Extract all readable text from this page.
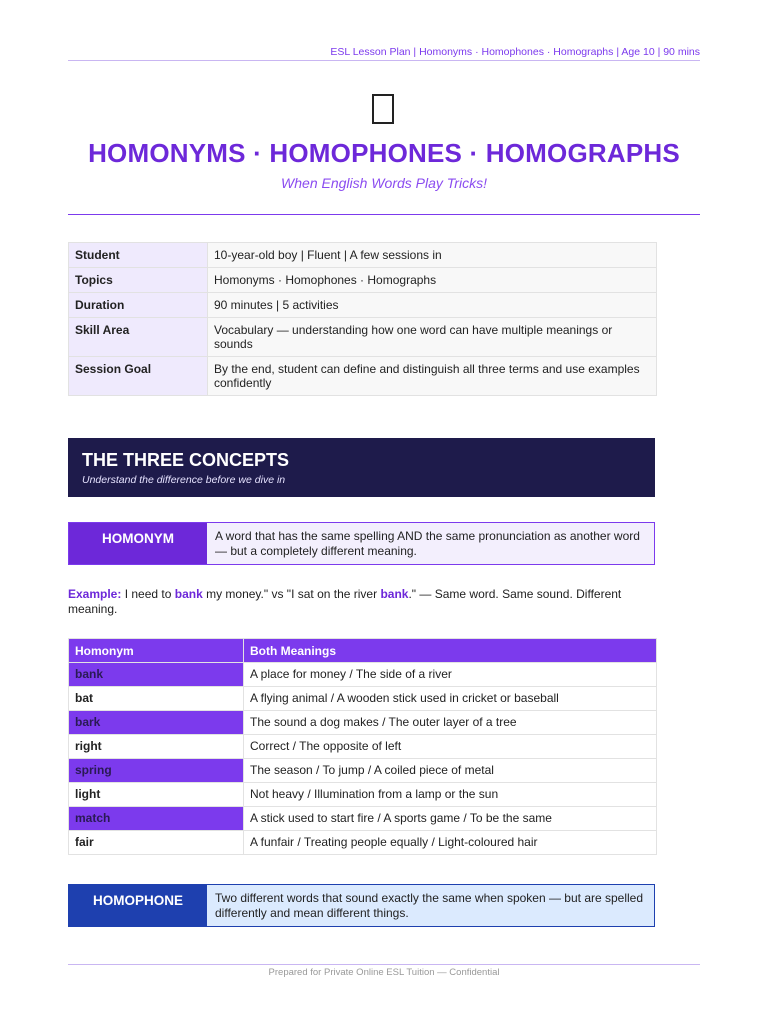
ESL Lesson Plan | Homonyms · Homophones · Homographs | Age 10 | 90 mins
HOMONYMS · HOMOPHONES · HOMOGRAPHS
When English Words Play Tricks!
Student	10-year-old boy | Fluent | A few sessions in
Topics	Homonyms · Homophones · Homographs
Duration	90 minutes | 5 activities
Skill Area	Vocabulary — understanding how one word can have multiple meanings or sounds
Session Goal	By the end, student can define and distinguish all three terms and use examples confidently
THE THREE CONCEPTS
Understand the difference before we dive in
HOMONYM	A word that has the same spelling AND the same pronunciation as another word — but a completely different meaning.
Example: I need to bank my money." vs "I sat on the river bank." — Same word. Same sound. Different meaning.
Homonym	Both Meanings
bank	A place for money / The side of a river
bat	A flying animal / A wooden stick used in cricket or baseball
bark	The sound a dog makes / The outer layer of a tree
right	Correct / The opposite of left
spring	The season / To jump / A coiled piece of metal
light	Not heavy / Illumination from a lamp or the sun
match	A stick used to start fire / A sports game / To be the same
fair	A funfair / Treating people equally / Light-coloured hair
HOMOPHONE	Two different words that sound exactly the same when spoken — but are spelled differently and mean different things.
Prepared for Private Online ESL Tuition — Confidential
